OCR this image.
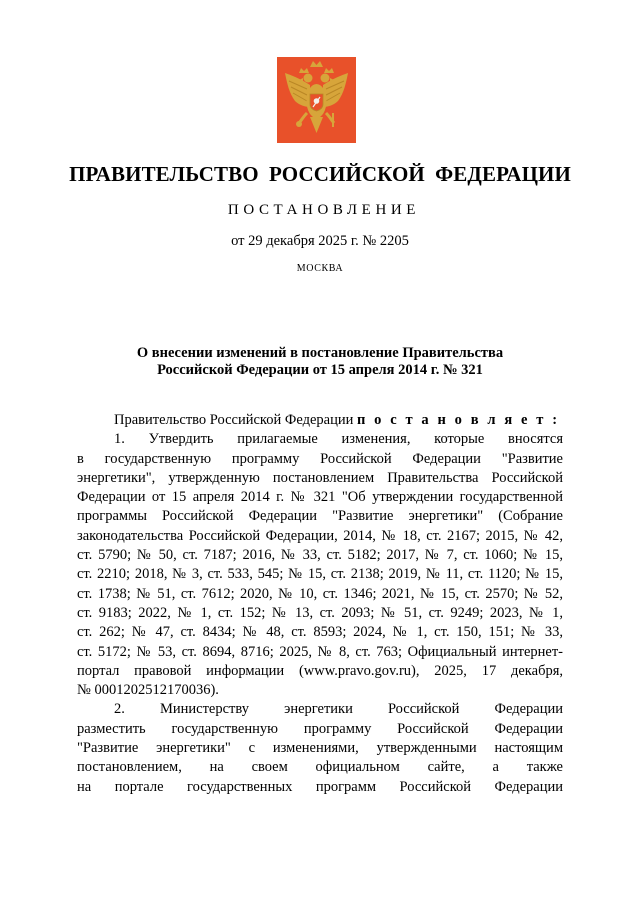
ПРАВИТЕЛЬСТВО РОССИЙСКОЙ ФЕДЕРАЦИИ
ПОСТАНОВЛЕНИЕ
от 29 декабря 2025 г. № 2205
МОСКВА
О внесении изменений в постановление Правительства
Российской Федерации от 15 апреля 2014 г. № 321

Правительство Российской Федерации п о с т а н о в л я е т :

1. Утвердить прилагаемые изменения, которые вносятся

в государственную программу Российской Федерации "Развитие

энергетики", утвержденную постановлением Правительства Российской

Федерации от 15 апреля 2014 г. № 321 "Об утверждении государственной

программы Российской Федерации "Развитие энергетики" (Собрание

законодательства Российской Федерации, 2014, № 18, ст. 2167; 2015, № 42,

ст. 5790; № 50, ст. 7187; 2016, № 33, ст. 5182; 2017, № 7, ст. 1060; № 15,

ст. 2210; 2018, № 3, ст. 533, 545; № 15, ст. 2138; 2019, № 11, ст. 1120; № 15,

ст. 1738; № 51, ст. 7612; 2020, № 10, ст. 1346; 2021, № 15, ст. 2570; № 52,

ст. 9183; 2022, № 1, ст. 152; № 13, ст. 2093; № 51, ст. 9249; 2023, № 1,

ст. 262; № 47, ст. 8434; № 48, ст. 8593; 2024, № 1, ст. 150, 151; № 33,

ст. 5172; № 53, ст. 8694, 8716; 2025, № 8, ст. 763; Официальный интернет-

портал правовой информации (www.pravo.gov.ru), 2025, 17 декабря,

№ 0001202512170036).

2. Министерству энергетики Российской Федерации

разместить государственную программу Российской Федерации

"Развитие энергетики" с изменениями, утвержденными настоящим

постановлением, на своем официальном сайте, а также

на портале государственных программ Российской Федерации
